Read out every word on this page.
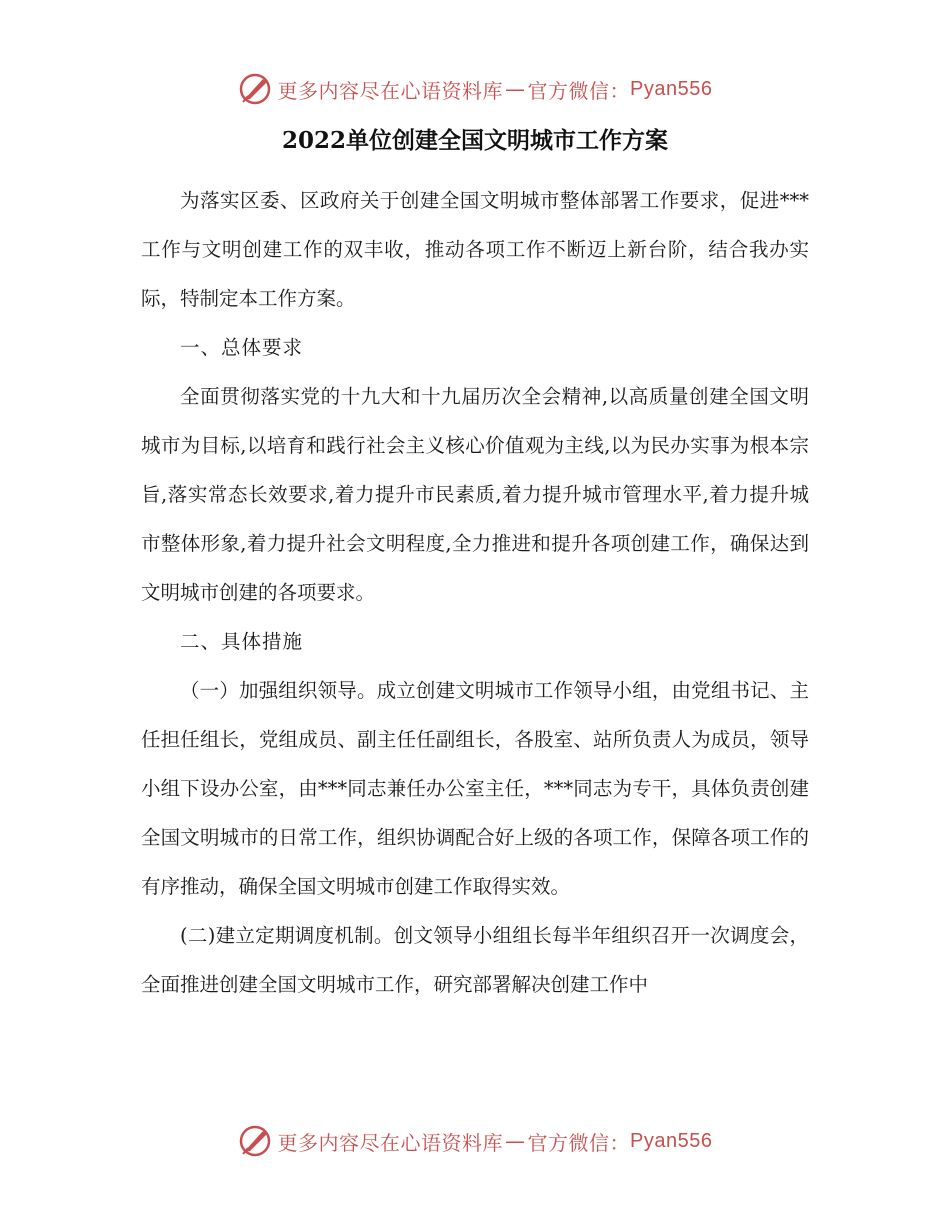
更多内容尽在心语资料库 — 官方微信： Pyan556
2022单位创建全国文明城市工作方案

为落实区委、区政府关于创建全国文明城市整体部署工作要求，促进***工作与文明创建工作的双丰收，推动各项工作不断迈上新台阶，结合我办实际，特制定本工作方案。

一、总体要求

全面贯彻落实党的十九大和十九届历次全会精神,以高质量创建全国文明城市为目标,以培育和践行社会主义核心价值观为主线,以为民办实事为根本宗旨,落实常态长效要求,着力提升市民素质,着力提升城市管理水平,着力提升城市整体形象,着力提升社会文明程度,全力推进和提升各项创建工作，确保达到文明城市创建的各项要求。

二、具体措施

（一）加强组织领导。成立创建文明城市工作领导小组，由党组书记、主任担任组长，党组成员、副主任任副组长，各股室、站所负责人为成员，领导小组下设办公室，由***同志兼任办公室主任，***同志为专干，具体负责创建全国文明城市的日常工作，组织协调配合好上级的各项工作，保障各项工作的有序推动，确保全国文明城市创建工作取得实效。

(二)建立定期调度机制。创文领导小组组长每半年组织召开一次调度会，全面推进创建全国文明城市工作，研究部署解决创建工作中

更多内容尽在心语资料库 — 官方微信： Pyan556
